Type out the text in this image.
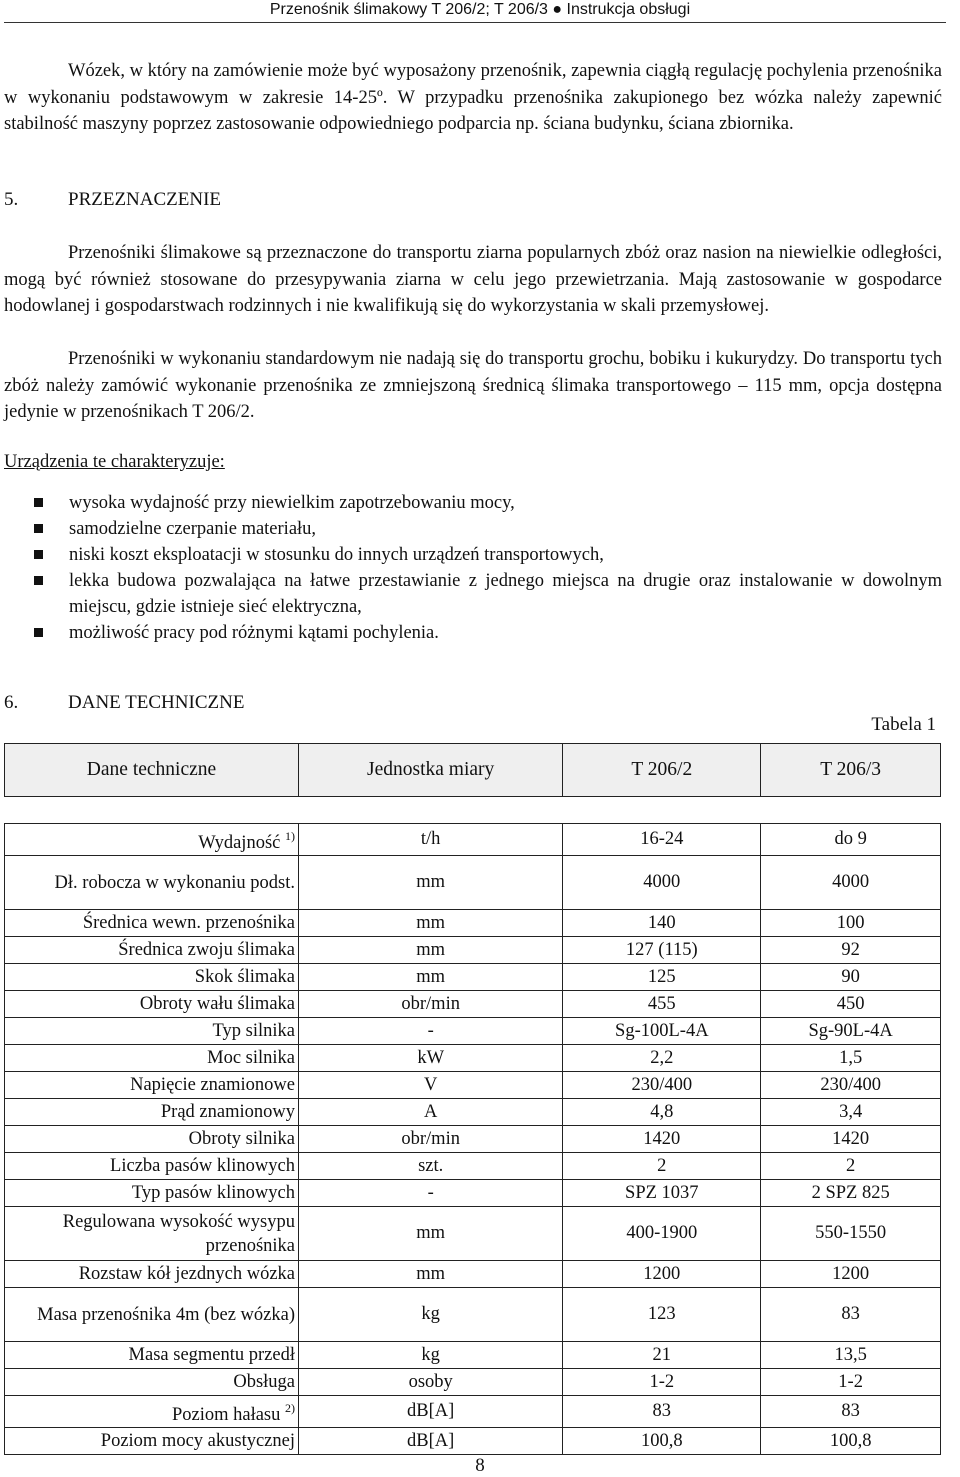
Przenośnik ślimakowy T 206/2; T 206/3 ● Instrukcja obsługi

Wózek, w który na zamówienie może być wyposażony przenośnik, zapewnia ciągłą regulację pochylenia przenośnika w wykonaniu podstawowym w zakresie 14-25º. W przypadku przenośnika zakupionego bez wózka należy zapewnić stabilność maszyny poprzez zastosowanie odpowiedniego podparcia np. ściana budynku, ściana zbiornika.

5.	PRZEZNACZENIE

Przenośniki ślimakowe są przeznaczone do transportu ziarna popularnych zbóż oraz nasion na niewielkie odległości, mogą być również stosowane do przesypywania ziarna w celu jego przewietrzania. Mają zastosowanie w gospodarce hodowlanej i gospodarstwach rodzinnych i nie kwalifikują się do wykorzystania w skali przemysłowej.

Przenośniki w wykonaniu standardowym nie nadają się do transportu grochu, bobiku i kukurydzy. Do transportu tych zbóż należy zamówić wykonanie przenośnika ze zmniejszoną średnicą ślimaka transportowego – 115 mm, opcja dostępna jedynie w przenośnikach T 206/2.

Urządzenia te charakteryzuje:
wysoka wydajność przy niewielkim zapotrzebowaniu mocy,
samodzielne czerpanie materiału,
niski koszt eksploatacji w stosunku do innych urządzeń transportowych,
lekka budowa pozwalająca na łatwe przestawianie z jednego miejsca na drugie oraz instalowanie w dowolnym miejscu, gdzie istnieje sieć elektryczna,
możliwość pracy pod różnymi kątami pochylenia.
6.	DANE TECHNICZNE
Tabela 1
Dane techniczne	Jednostka miary	T 206/2	T 206/3

Wydajność $^{1)}$	t/h	16-24	do 9
Dł. robocza w wykonaniu podst.	mm	4000	4000
Średnica wewn. przenośnika	mm	140	100
Średnica zwoju ślimaka	mm	127 (115)	92
Skok ślimaka	mm	125	90
Obroty wału ślimaka	obr/min	455	450
Typ silnika	-	Sg-100L-4A	Sg-90L-4A
Moc silnika	kW	2,2	1,5
Napięcie znamionowe	V	230/400	230/400
Prąd znamionowy	A	4,8	3,4
Obroty silnika	obr/min	1420	1420
Liczba pasów klinowych	szt.	2	2
Typ pasów klinowych	-	SPZ 1037	2 SPZ 825
Regulowana wysokość wysypu przenośnika	mm	400-1900	550-1550
Rozstaw kół jezdnych wózka	mm	1200	1200
Masa przenośnika 4m (bez wózka)	kg	123	83
Masa segmentu przedł	kg	21	13,5
Obsługa	osoby	1-2	1-2
Poziom hałasu $^{2)}$	dB[A]	83	83
Poziom mocy akustycznej	dB[A]	100,8	100,8
8
